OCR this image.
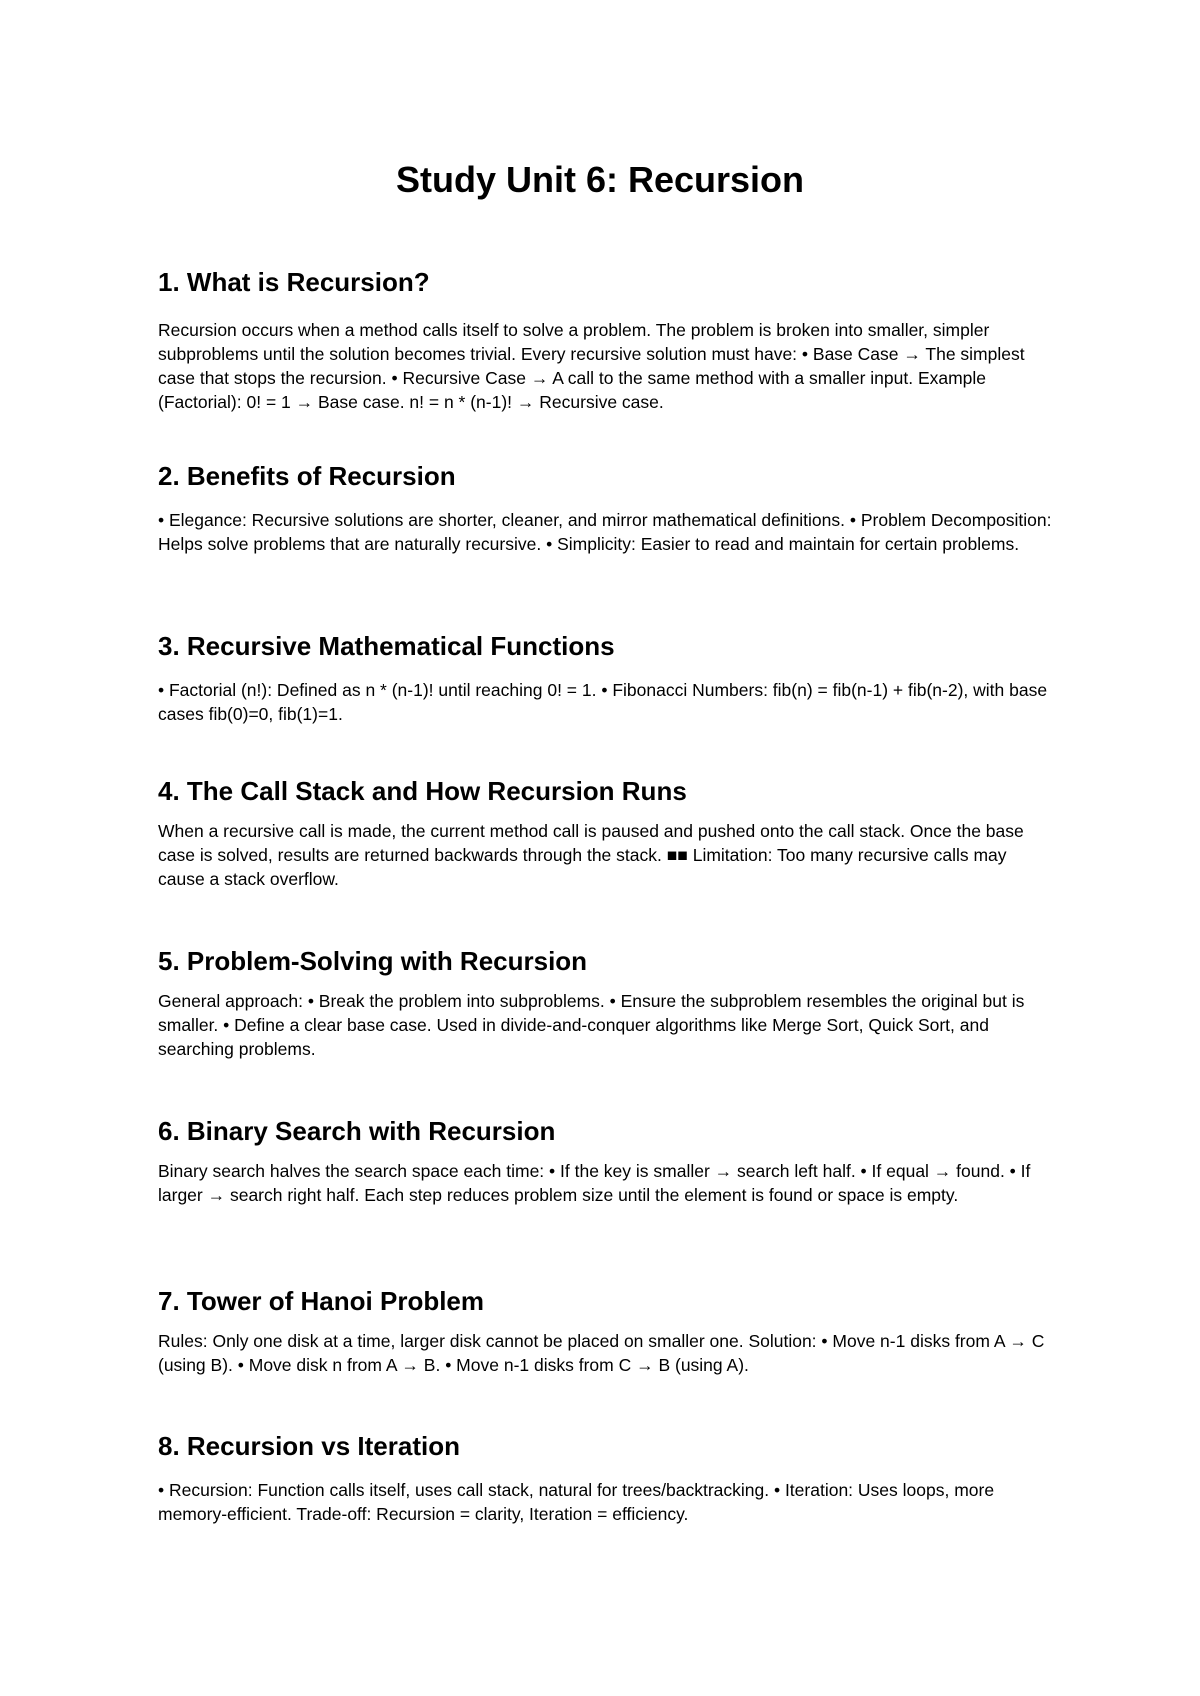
Study Unit 6: Recursion
1. What is Recursion?

Recursion occurs when a method calls itself to solve a problem. The problem is broken into smaller, simpler subproblems until the solution becomes trivial. Every recursive solution must have: • Base Case → The simplest case that stops the recursion. • Recursive Case → A call to the same method with a smaller input. Example (Factorial): 0! = 1 → Base case. n! = n * (n-1)! → Recursive case.

2. Benefits of Recursion

• Elegance: Recursive solutions are shorter, cleaner, and mirror mathematical definitions. • Problem Decomposition: Helps solve problems that are naturally recursive. • Simplicity: Easier to read and maintain for certain problems.

3. Recursive Mathematical Functions

• Factorial (n!): Defined as n * (n-1)! until reaching 0! = 1. • Fibonacci Numbers: fib(n) = fib(n-1) + fib(n-2), with base cases fib(0)=0, fib(1)=1.

4. The Call Stack and How Recursion Runs

When a recursive call is made, the current method call is paused and pushed onto the call stack. Once the base case is solved, results are returned backwards through the stack. ■■ Limitation: Too many recursive calls may cause a stack overflow.

5. Problem-Solving with Recursion

General approach: • Break the problem into subproblems. • Ensure the subproblem resembles the original but is smaller. • Define a clear base case. Used in divide-and-conquer algorithms like Merge Sort, Quick Sort, and searching problems.

6. Binary Search with Recursion

Binary search halves the search space each time: • If the key is smaller → search left half. • If equal → found. • If larger → search right half. Each step reduces problem size until the element is found or space is empty.

7. Tower of Hanoi Problem

Rules: Only one disk at a time, larger disk cannot be placed on smaller one. Solution: • Move n-1 disks from A → C (using B). • Move disk n from A → B. • Move n-1 disks from C → B (using A).

8. Recursion vs Iteration

• Recursion: Function calls itself, uses call stack, natural for trees/backtracking. • Iteration: Uses loops, more memory-efficient. Trade-off: Recursion = clarity, Iteration = efficiency.
